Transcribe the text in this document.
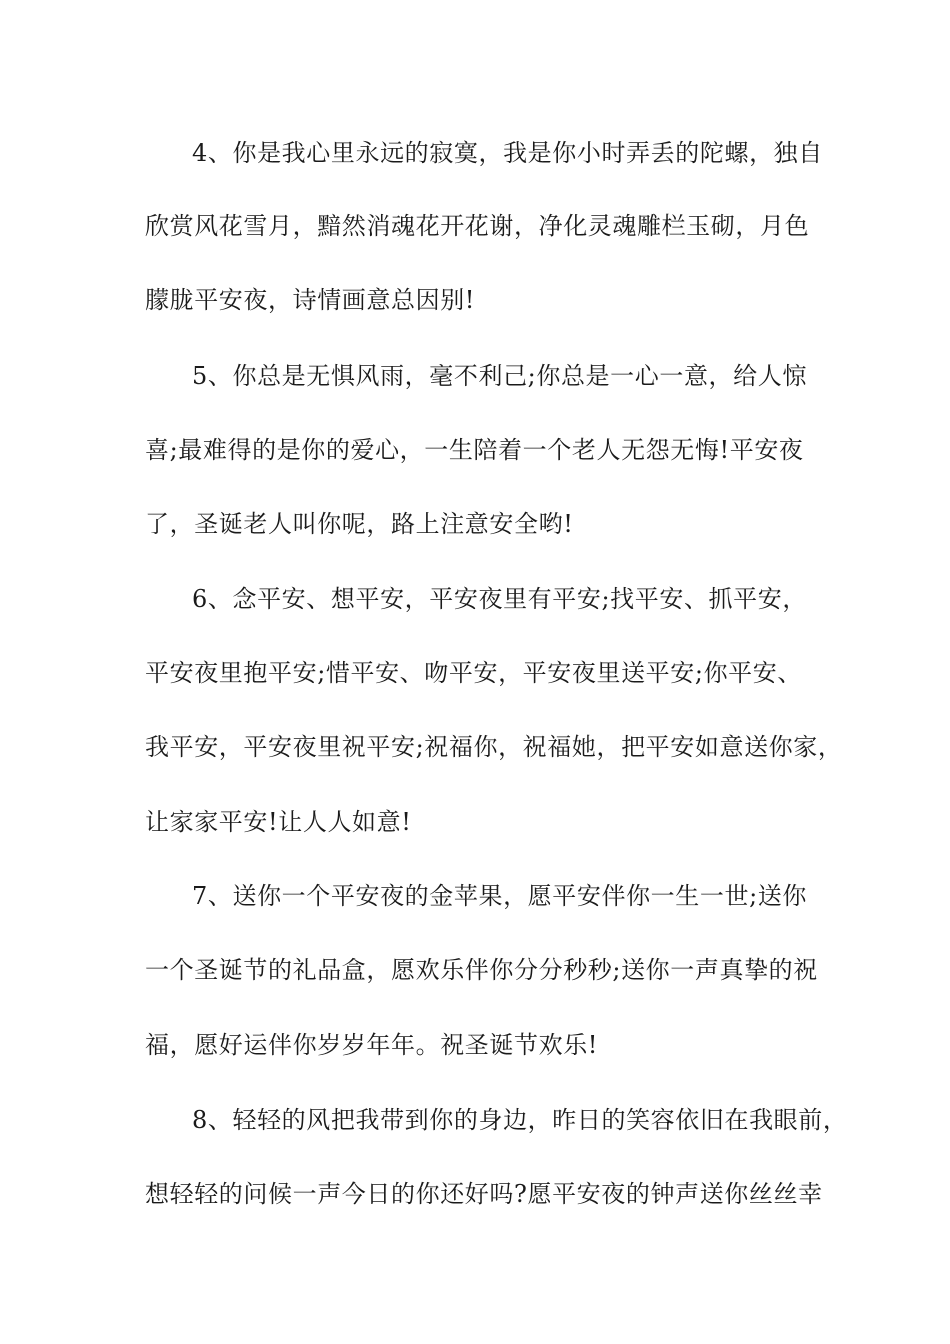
4、你是我心里永远的寂寞，我是你小时弄丢的陀螺，独自
欣赏风花雪月，黯然消魂花开花谢，净化灵魂雕栏玉砌，月色
朦胧平安夜，诗情画意总因别!
5、你总是无惧风雨，毫不利己;你总是一心一意，给人惊
喜;最难得的是你的爱心，一生陪着一个老人无怨无悔!平安夜
了，圣诞老人叫你呢，路上注意安全哟!
6、念平安、想平安，平安夜里有平安;找平安、抓平安，
平安夜里抱平安;惜平安、吻平安，平安夜里送平安;你平安、
我平安，平安夜里祝平安;祝福你，祝福她，把平安如意送你家，
让家家平安!让人人如意!
7、送你一个平安夜的金苹果，愿平安伴你一生一世;送你
一个圣诞节的礼品盒，愿欢乐伴你分分秒秒;送你一声真挚的祝
福，愿好运伴你岁岁年年。祝圣诞节欢乐!
8、轻轻的风把我带到你的身边，昨日的笑容依旧在我眼前，
想轻轻的问候一声今日的你还好吗?愿平安夜的钟声送你丝丝幸
